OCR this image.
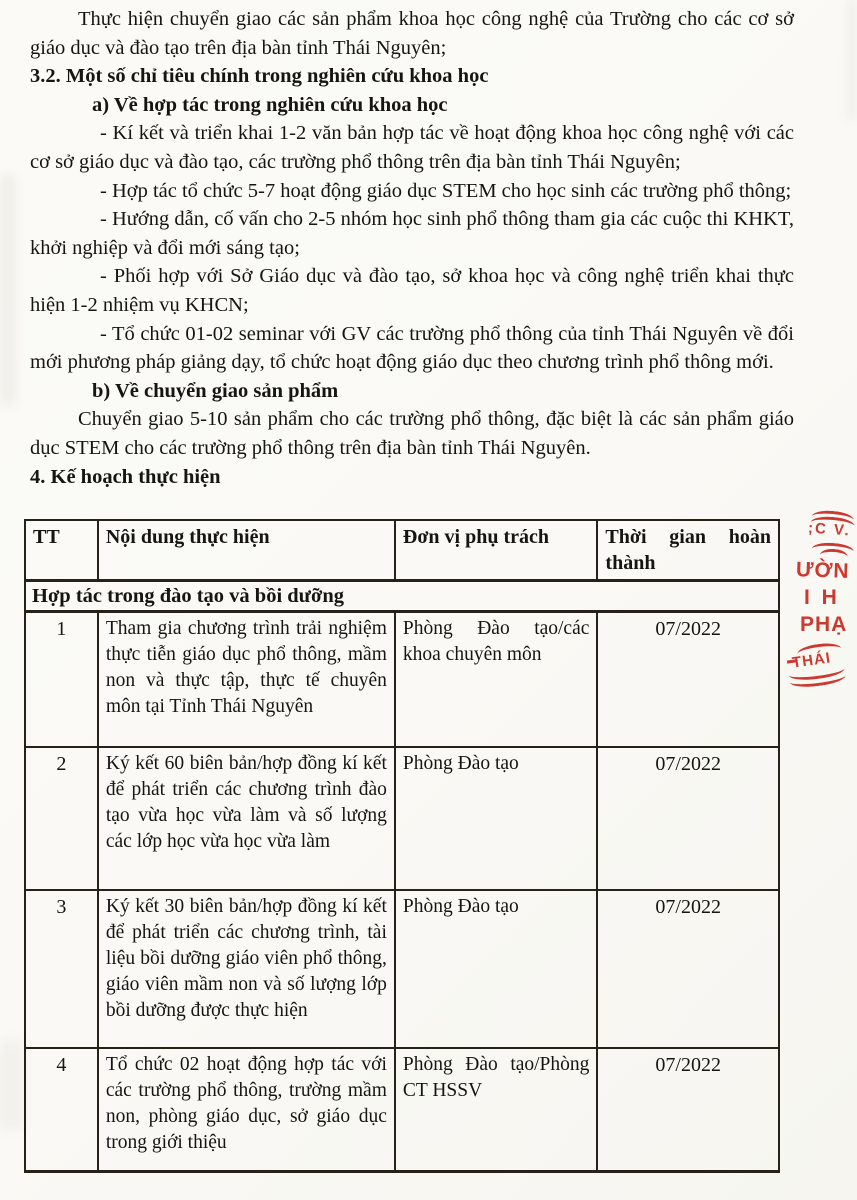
Thực hiện chuyển giao các sản phẩm khoa học công nghệ của Trường cho các cơ sở giáo dục và đào tạo trên địa bàn tỉnh Thái Nguyên;

3.2. Một số chỉ tiêu chính trong nghiên cứu khoa học

a) Về hợp tác trong nghiên cứu khoa học

- Kí kết và triển khai 1-2 văn bản hợp tác về hoạt động khoa học công nghệ với các cơ sở giáo dục và đào tạo, các trường phổ thông trên địa bàn tỉnh Thái Nguyên;

- Hợp tác tổ chức 5-7 hoạt động giáo dục STEM cho học sinh các trường phổ thông;

- Hướng dẫn, cố vấn cho 2-5 nhóm học sinh phổ thông tham gia các cuộc thi KHKT, khởi nghiệp và đổi mới sáng tạo;

- Phối hợp với Sở Giáo dục và đào tạo, sở khoa học và công nghệ triển khai thực hiện 1-2 nhiệm vụ KHCN;

- Tổ chức 01-02 seminar với GV các trường phổ thông của tỉnh Thái Nguyên về đổi mới phương pháp giảng dạy, tổ chức hoạt động giáo dục theo chương trình phổ thông mới.

b) Về chuyển giao sản phẩm

Chuyển giao 5-10 sản phẩm cho các trường phổ thông, đặc biệt là các sản phẩm giáo dục STEM cho các trường phổ thông trên địa bàn tỉnh Thái Nguyên.

4. Kế hoạch thực hiện

TT	Nội dung thực hiện	Đơn vị phụ trách	Thời gian hoàn thành
Hợp tác trong đào tạo và bồi dưỡng			
1	Tham gia chương trình trải nghiệm thực tiễn giáo dục phổ thông, mầm non và thực tập, thực tế chuyên môn tại Tỉnh Thái Nguyên	Phòng Đào tạo/các khoa chuyên môn	07/2022
2	Ký kết 60 biên bản/hợp đồng kí kết để phát triển các chương trình đào tạo vừa học vừa làm và số lượng các lớp học vừa học vừa làm	Phòng Đào tạo	07/2022
3	Ký kết 30 biên bản/hợp đồng kí kết để phát triển các chương trình, tài liệu bồi dưỡng giáo viên phổ thông, giáo viên mầm non và số lượng lớp bồi dưỡng được thực hiện	Phòng Đào tạo	07/2022
4	Tổ chức 02 hoạt động hợp tác với các trường phổ thông, trường mầm non, phòng giáo dục, sở giáo dục trong giới thiệu	Phòng Đào tạo/Phòng CT HSSV	07/2022
;C V.
ƯỜN
I H
PHẠ
THÁI
